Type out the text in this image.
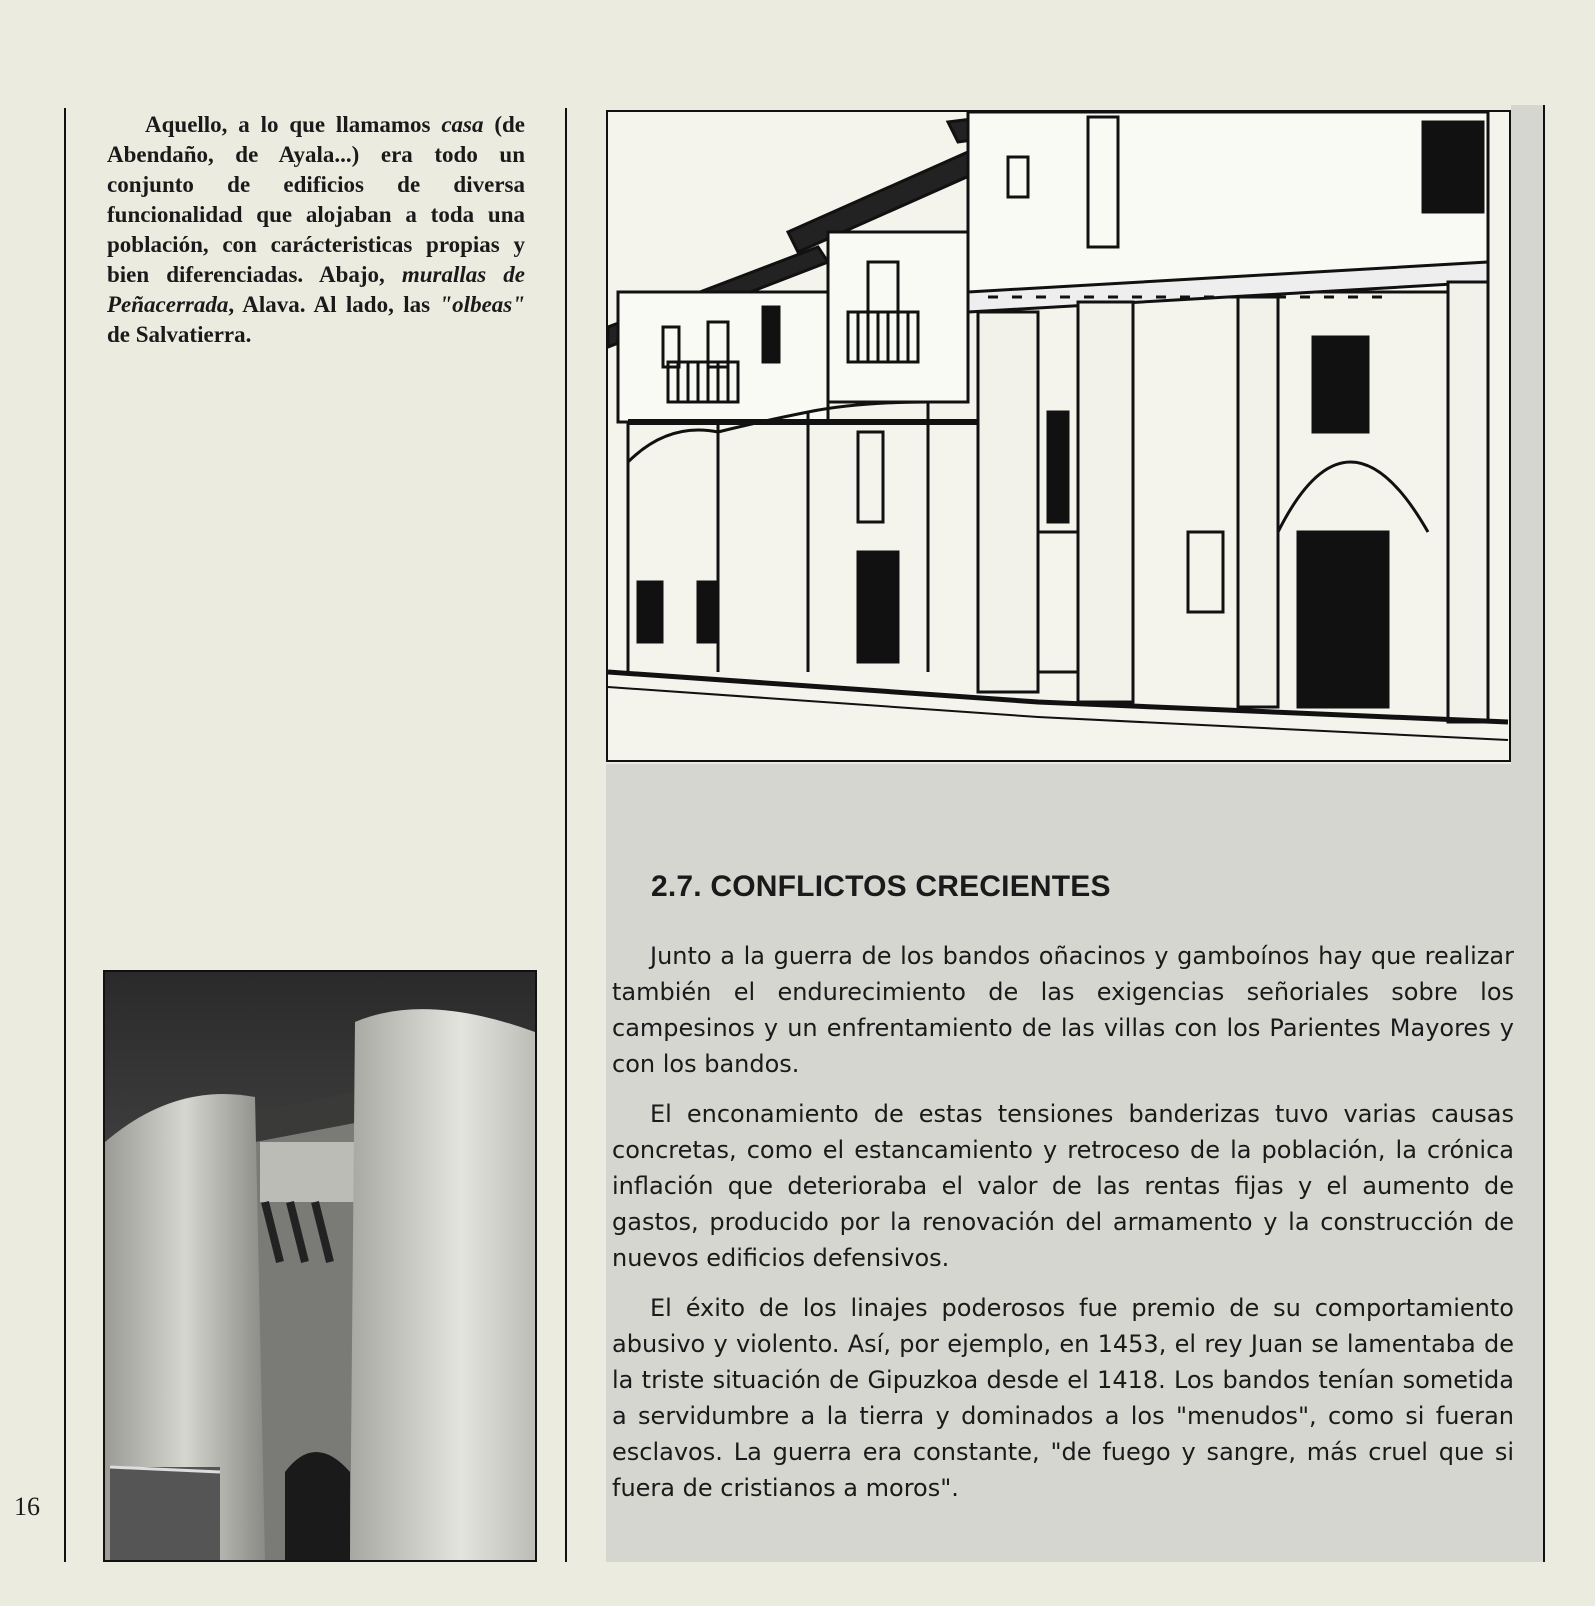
16

Aquello, a lo que llamamos casa (de Abendaño, de Ayala...) era todo un conjunto de edificios de diversa funcionalidad que alojaban a toda una población, con carácteristicas propias y bien diferenciadas. Abajo, murallas de Peñacerrada, Alava. Al lado, las "olbeas" de Salvatierra.

2.7. CONFLICTOS CRECIENTES

Junto a la guerra de los bandos oñacinos y gamboínos hay que realizar también el endurecimiento de las exigencias señoriales sobre los campesinos y un enfrentamiento de las villas con los Parientes Mayores y con los bandos.

El enconamiento de estas tensiones banderizas tuvo varias causas concretas, como el estancamiento y retroceso de la población, la crónica inflación que deterioraba el valor de las rentas fijas y el aumento de gastos, producido por la renovación del armamento y la construcción de nuevos edificios defensivos.

El éxito de los linajes poderosos fue premio de su comportamiento abusivo y violento. Así, por ejemplo, en 1453, el rey Juan se lamentaba de la triste situación de Gipuzkoa desde el 1418. Los bandos tenían sometida a servidumbre a la tierra y dominados a los "menudos", como si fueran esclavos. La guerra era constante, "de fuego y sangre, más cruel que si fuera de cristianos a moros".
